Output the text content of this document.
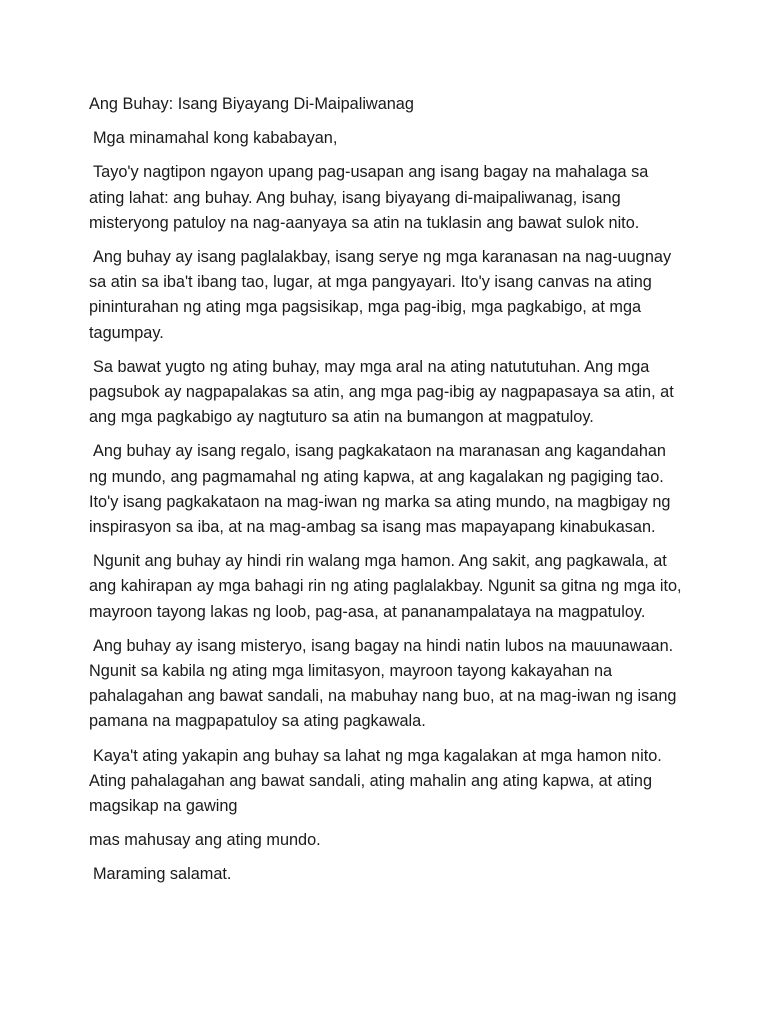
Ang Buhay: Isang Biyayang Di-Maipaliwanag

Mga minamahal kong kababayan,

Tayo'y nagtipon ngayon upang pag-usapan ang isang bagay na mahalaga sa ating lahat: ang buhay. Ang buhay, isang biyayang di-maipaliwanag, isang misteryong patuloy na nag-aanyaya sa atin na tuklasin ang bawat sulok nito.

Ang buhay ay isang paglalakbay, isang serye ng mga karanasan na nag-uugnay sa atin sa iba't ibang tao, lugar, at mga pangyayari. Ito'y isang canvas na ating pininturahan ng ating mga pagsisikap, mga pag-ibig, mga pagkabigo, at mga tagumpay.

Sa bawat yugto ng ating buhay, may mga aral na ating natututuhan. Ang mga pagsubok ay nagpapalakas sa atin, ang mga pag-ibig ay nagpapasaya sa atin, at ang mga pagkabigo ay nagtuturo sa atin na bumangon at magpatuloy.

Ang buhay ay isang regalo, isang pagkakataon na maranasan ang kagandahan ng mundo, ang pagmamahal ng ating kapwa, at ang kagalakan ng pagiging tao. Ito'y isang pagkakataon na mag-iwan ng marka sa ating mundo, na magbigay ng inspirasyon sa iba, at na mag-ambag sa isang mas mapayapang kinabukasan.

Ngunit ang buhay ay hindi rin walang mga hamon. Ang sakit, ang pagkawala, at ang kahirapan ay mga bahagi rin ng ating paglalakbay. Ngunit sa gitna ng mga ito, mayroon tayong lakas ng loob, pag-asa, at pananampalataya na magpatuloy.

Ang buhay ay isang misteryo, isang bagay na hindi natin lubos na mauunawaan. Ngunit sa kabila ng ating mga limitasyon, mayroon tayong kakayahan na pahalagahan ang bawat sandali, na mabuhay nang buo, at na mag-iwan ng isang pamana na magpapatuloy sa ating pagkawala.

Kaya't ating yakapin ang buhay sa lahat ng mga kagalakan at mga hamon nito. Ating pahalagahan ang bawat sandali, ating mahalin ang ating kapwa, at ating magsikap na gawing

mas mahusay ang ating mundo.

Maraming salamat.
